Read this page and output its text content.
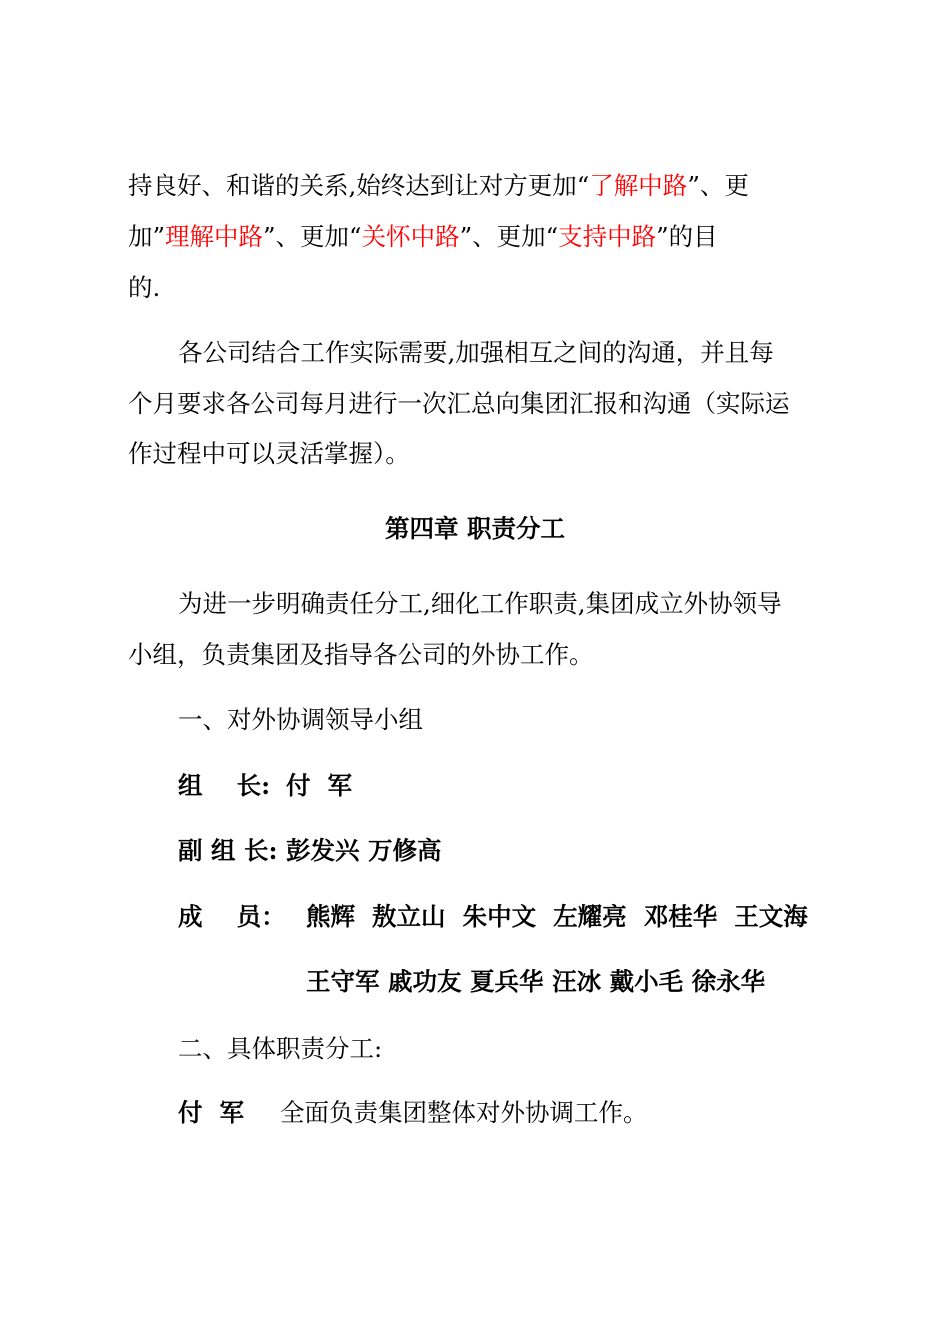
持良好、和谐的关系,始终达到让对方更加“了解中路”、更
加”理解中路”、更加“关怀中路”、更加“支持中路”的目
的.
各公司结合工作实际需要,加强相互之间的沟通，并且每
个月要求各公司每月进行一次汇总向集团汇报和沟通（实际运
作过程中可以灵活掌握）。
第四章 职责分工
为进一步明确责任分工,细化工作职责,集团成立外协领导
小组，负责集团及指导各公司的外协工作。
一、对外协调领导小组
组    长: 付  军
副 组 长: 彭发兴 万修高
成    员： 熊辉  敖立山  朱中文  左耀亮  邓桂华  王文海
王守军 戚功友 夏兵华 汪冰 戴小毛 徐永华
二、具体职责分工:
付  军 全面负责集团整体对外协调工作。
